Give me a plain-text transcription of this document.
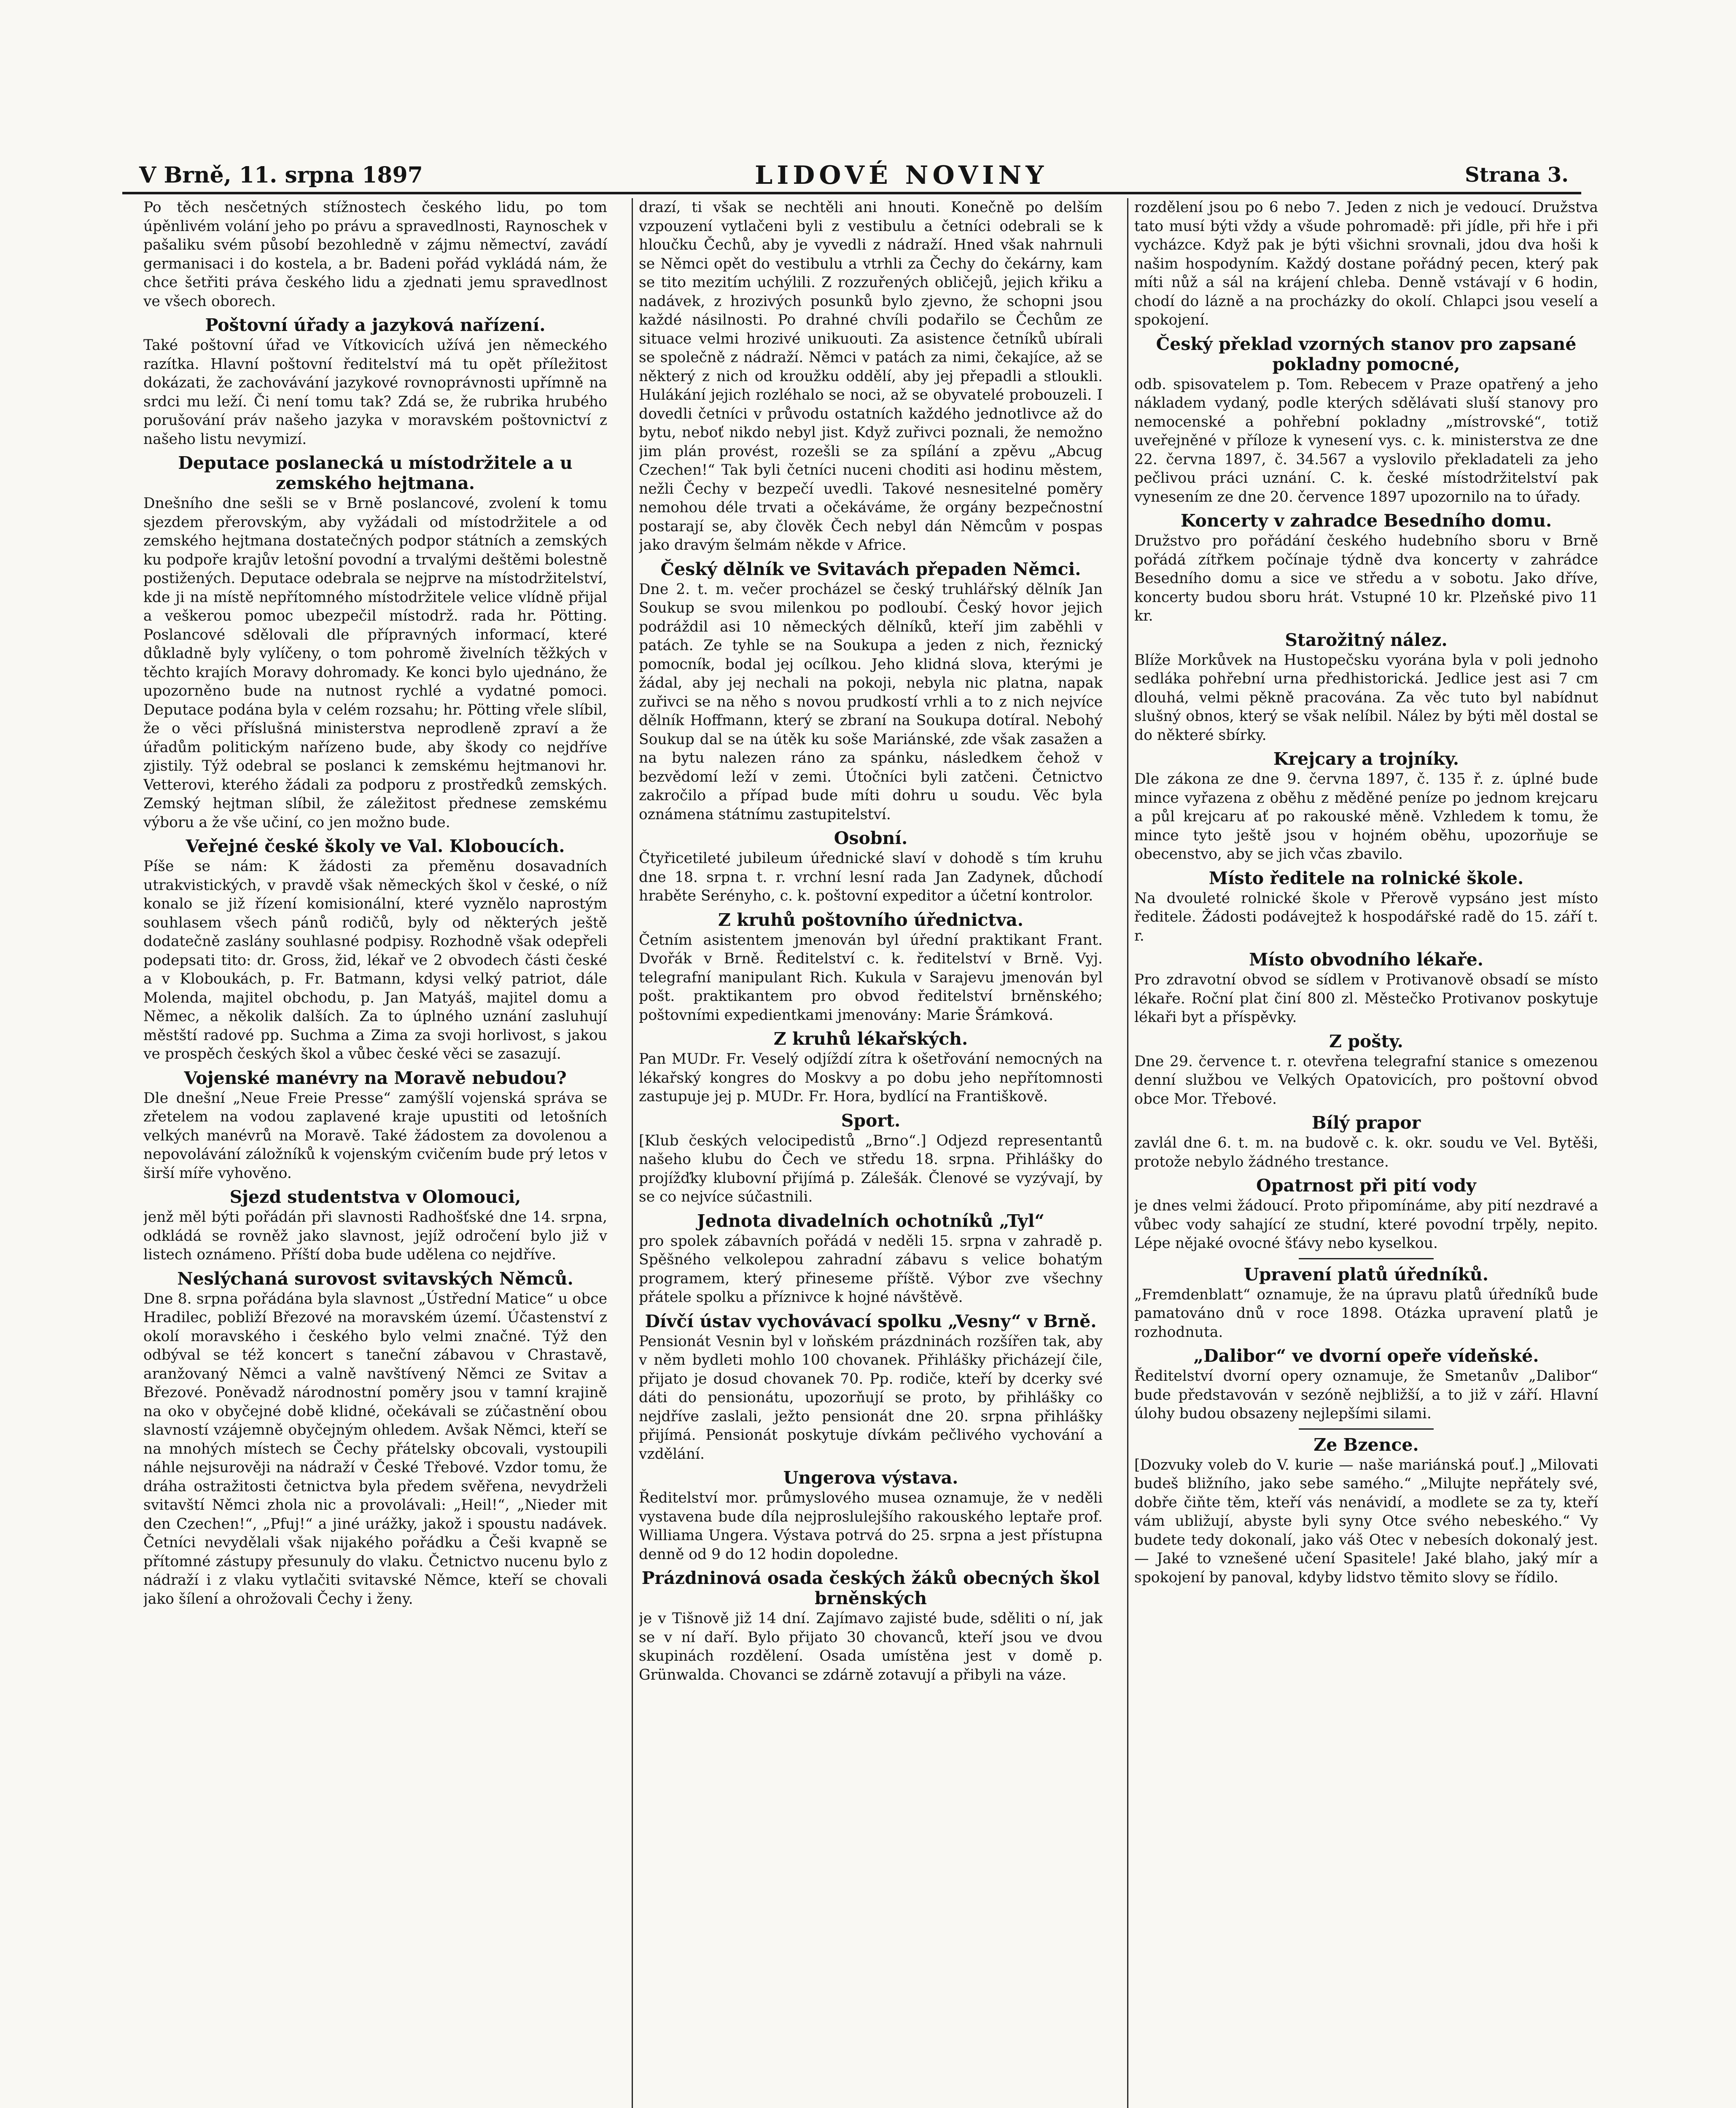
V Brně, 11. srpna 1897	LIDOVÉ NOVINY	Strana 3.

Po těch nesčetných stížnostech českého lidu, po tom úpěnlivém volání jeho po právu a spravedlnosti, Raynoschek v pašaliku svém působí bezohledně v zájmu němectví, zavádí germanisaci i do kostela, a br. Badeni pořád vykládá nám, že chce šetřiti práva českého lidu a zjednati jemu spravedlnost ve všech oborech.

Poštovní úřady a jazyková nařízení.

Také poštovní úřad ve Vítkovicích užívá jen německého razítka. Hlavní poštovní ředitelství má tu opět příležitost dokázati, že zachovávání jazykové rovnoprávnosti upřímně na srdci mu leží. Či není tomu tak? Zdá se, že rubrika hrubého porušování práv našeho jazyka v moravském poštovnictví z našeho listu nevymizí.

Deputace poslanecká u místodržitele a u zemského hejtmana.

Dnešního dne sešli se v Brně poslancové, zvolení k tomu sjezdem přerovským, aby vyžádali od místodržitele a od zemského hejtmana dostatečných podpor státních a zemských ku podpoře krajův letošní povodní a trvalými deštěmi bolestně postižených. Deputace odebrala se nejprve na místodržitelství, kde ji na místě nepřítomného místodržitele velice vlídně přijal a veškerou pomoc ubezpečil místodrž. rada hr. Pötting. Poslancové sdělovali dle přípravných informací, které důkladně byly vylíčeny, o tom pohromě živelních těžkých v těchto krajích Moravy dohromady. Ke konci bylo ujednáno, že upozorněno bude na nutnost rychlé a vydatné pomoci. Deputace podána byla v celém rozsahu; hr. Pötting vřele slíbil, že o věci příslušná ministerstva neprodleně zpraví a že úřadům politickým nařízeno bude, aby škody co nejdříve zjistily. Týž odebral se poslanci k zemskému hejtmanovi hr. Vetterovi, kterého žádali za podporu z prostředků zemských. Zemský hejtman slíbil, že záležitost přednese zemskému výboru a že vše učiní, co jen možno bude.

Veřejné české školy ve Val. Kloboucích.

Píše se nám: K žádosti za přeměnu dosavadních utrakvistických, v pravdě však německých škol v české, o níž konalo se již řízení komisionální, které vyznělo naprostým souhlasem všech pánů rodičů, byly od některých ještě dodatečně zaslány souhlasné podpisy. Rozhodně však odepřeli podepsati tito: dr. Gross, žid, lékař ve 2 obvodech části české a v Kloboukách, p. Fr. Batmann, kdysi velký patriot, dále Molenda, majitel obchodu, p. Jan Matyáš, majitel domu a Němec, a několik dalších. Za to úplného uznání zasluhují městští radové pp. Suchma a Zima za svoji horlivost, s jakou ve prospěch českých škol a vůbec české věci se zasazují.

Vojenské manévry na Moravě nebudou?

Dle dnešní „Neue Freie Presse“ zamýšlí vojenská správa se zřetelem na vodou zaplavené kraje upustiti od letošních velkých manévrů na Moravě. Také žádostem za dovolenou a nepovolávání záložníků k vojenským cvičením bude prý letos v širší míře vyhověno.

Sjezd studentstva v Olomouci,

jenž měl býti pořádán při slavnosti Radhošťské dne 14. srpna, odkládá se rovněž jako slavnost, jejíž odročení bylo již v listech oznámeno. Příští doba bude udělena co nejdříve.

Neslýchaná surovost svitavských Němců.

Dne 8. srpna pořádána byla slavnost „Ústřední Matice“ u obce Hradilec, pobliží Březové na moravském území. Účastenství z okolí moravského i českého bylo velmi značné. Týž den odbýval se též koncert s taneční zábavou v Chrastavě, aranžovaný Němci a valně navštívený Němci ze Svitav a Březové. Poněvadž národnostní poměry jsou v tamní krajině na oko v obyčejné době klidné, očekávali se zúčastnění obou slavností vzájemně obyčejným ohledem. Avšak Němci, kteří se na mnohých místech se Čechy přátelsky obcovali, vystoupili náhle nejsurověji na nádraží v České Třebové. Vzdor tomu, že dráha ostražitosti četnictva byla předem svěřena, nevydrželi svitavští Němci zhola nic a provolávali: „Heil!“, „Nieder mit den Czechen!“, „Pfuj!“ a jiné urážky, jakož i spoustu nadávek. Četníci nevydělali však nijakého pořádku a Češi kvapně se přítomné zástupy přesunuly do vlaku. Četnictvo nucenu bylo z nádraží i z vlaku vytlačiti svitavské Němce, kteří se chovali jako šílení a ohrožovali Čechy i ženy.

drazí, ti však se nechtěli ani hnouti. Konečně po delším vzpouzení vytlačeni byli z vestibulu a četníci odebrali se k hloučku Čechů, aby je vyvedli z nádraží. Hned však nahrnuli se Němci opět do vestibulu a vtrhli za Čechy do čekárny, kam se tito mezitím uchýlili. Z rozzuřených obličejů, jejich křiku a nadávek, z hrozivých posunků bylo zjevno, že schopni jsou každé násilnosti. Po drahné chvíli podařilo se Čechům ze situace velmi hrozivé unikuouti. Za asistence četníků ubírali se společně z nádraží. Němci v patách za nimi, čekajíce, až se některý z nich od kroužku oddělí, aby jej přepadli a stloukli. Hulákání jejich rozléhalo se noci, až se obyvatelé probouzeli. I dovedli četníci v průvodu ostatních každého jednotlivce až do bytu, neboť nikdo nebyl jist. Když zuřivci poznali, že nemožno jim plán provést, rozešli se za spílání a zpěvu „Abcug Czechen!“ Tak byli četníci nuceni choditi asi hodinu městem, nežli Čechy v bezpečí uvedli. Takové nesnesitelné poměry nemohou déle trvati a očekáváme, že orgány bezpečnostní postarají se, aby člověk Čech nebyl dán Němcům v pospas jako dravým šelmám někde v Africe.

Český dělník ve Svitavách přepaden Němci.

Dne 2. t. m. večer procházel se český truhlářský dělník Jan Soukup se svou milenkou po podloubí. Český hovor jejich podráždil asi 10 německých dělníků, kteří jim zaběhli v patách. Ze tyhle se na Soukupa a jeden z nich, řeznický pomocník, bodal jej ocílkou. Jeho klidná slova, kterými je žádal, aby jej nechali na pokoji, nebyla nic platna, napak zuřivci se na něho s novou prudkostí vrhli a to z nich nejvíce dělník Hoffmann, který se zbraní na Soukupa dotíral. Nebohý Soukup dal se na útěk ku soše Mariánské, zde však zasažen a na bytu nalezen ráno za spánku, následkem čehož v bezvědomí leží v zemi. Útočníci byli zatčeni. Četnictvo zakročilo a případ bude míti dohru u soudu. Věc byla oznámena státnímu zastupitelství.

Osobní.

Čtyřicetileté jubileum úřednické slaví v dohodě s tím kruhu dne 18. srpna t. r. vrchní lesní rada Jan Zadynek, důchodí hraběte Serényho, c. k. poštovní expeditor a účetní kontrolor.

Z kruhů poštovního úřednictva.

Četním asistentem jmenován byl úřední praktikant Frant. Dvořák v Brně. Ředitelství c. k. ředitelství v Brně. Vyj. telegrafní manipulant Rich. Kukula v Sarajevu jmenován byl pošt. praktikantem pro obvod ředitelství brněnského; poštovními expedientkami jmenovány: Marie Šrámková.

Z kruhů lékařských.

Pan MUDr. Fr. Veselý odjíždí zítra k ošetřování nemocných na lékařský kongres do Moskvy a po dobu jeho nepřítomnosti zastupuje jej p. MUDr. Fr. Hora, bydlící na Františkově.

Sport.

[Klub českých velocipedistů „Brno“.] Odjezd representantů našeho klubu do Čech ve středu 18. srpna. Přihlášky do projížďky klubovní přijímá p. Zálešák. Členové se vyzývají, by se co nejvíce súčastnili.

Jednota divadelních ochotníků „Tyl“

pro spolek zábavních pořádá v neděli 15. srpna v zahradě p. Spěšného velkolepou zahradní zábavu s velice bohatým programem, který přineseme příště. Výbor zve všechny přátele spolku a příznivce k hojné návštěvě.

Dívčí ústav vychovávací spolku „Vesny“ v Brně.

Pensionát Vesnin byl v loňském prázdninách rozšířen tak, aby v něm bydleti mohlo 100 chovanek. Přihlášky přicházejí čile, přijato je dosud chovanek 70. Pp. rodiče, kteří by dcerky své dáti do pensionátu, upozorňují se proto, by přihlášky co nejdříve zaslali, ježto pensionát dne 20. srpna přihlášky přijímá. Pensionát poskytuje dívkám pečlivého vychování a vzdělání.

Ungerova výstava.

Ředitelství mor. průmyslového musea oznamuje, že v neděli vystavena bude díla nejproslulejšího rakouského leptaře prof. Williama Ungera. Výstava potrvá do 25. srpna a jest přístupna denně od 9 do 12 hodin dopoledne.

Prázdninová osada českých žáků obecných škol brněnských

je v Tišnově již 14 dní. Zajímavo zajisté bude, sděliti o ní, jak se v ní daří. Bylo přijato 30 chovanců, kteří jsou ve dvou skupinách rozdělení. Osada umístěna jest v domě p. Grünwalda. Chovanci se zdárně zotavují a přibyli na váze.

rozdělení jsou po 6 nebo 7. Jeden z nich je vedoucí. Družstva tato musí býti vždy a všude pohromadě: při jídle, při hře i při vycházce. Když pak je býti všichni srovnali, jdou dva hoši k našim hospodyním. Každý dostane pořádný pecen, který pak míti nůž a sál na krájení chleba. Denně vstávají v 6 hodin, chodí do lázně a na procházky do okolí. Chlapci jsou veselí a spokojení.

Český překlad vzorných stanov pro zapsané pokladny pomocné,

odb. spisovatelem p. Tom. Rebecem v Praze opatřený a jeho nákladem vydaný, podle kterých sdělávati sluší stanovy pro nemocenské a pohřební pokladny „místrovské“, totiž uveřejněné v příloze k vynesení vys. c. k. ministerstva ze dne 22. června 1897, č. 34.567 a vyslovilo překladateli za jeho pečlivou práci uznání. C. k. české místodržitelství pak vynesením ze dne 20. července 1897 upozornilo na to úřady.

Koncerty v zahradce Besedního domu.

Družstvo pro pořádání českého hudebního sboru v Brně pořádá zítřkem počínaje týdně dva koncerty v zahrádce Besedního domu a sice ve středu a v sobotu. Jako dříve, koncerty budou sboru hrát. Vstupné 10 kr. Plzeňské pivo 11 kr.

Starožitný nález.

Blíže Morkůvek na Hustopečsku vyorána byla v poli jednoho sedláka pohřební urna předhistorická. Jedlice jest asi 7 cm dlouhá, velmi pěkně pracována. Za věc tuto byl nabídnut slušný obnos, který se však nelíbil. Nález by býti měl dostal se do některé sbírky.

Krejcary a trojníky.

Dle zákona ze dne 9. června 1897, č. 135 ř. z. úplné bude mince vyřazena z oběhu z měděné peníze po jednom krejcaru a půl krejcaru ať po rakouské měně. Vzhledem k tomu, že mince tyto ještě jsou v hojném oběhu, upozorňuje se obecenstvo, aby se jich včas zbavilo.

Místo ředitele na rolnické škole.

Na dvouleté rolnické škole v Přerově vypsáno jest místo ředitele. Žádosti podávejtež k hospodářské radě do 15. září t. r.

Místo obvodního lékaře.

Pro zdravotní obvod se sídlem v Protivanově obsadí se místo lékaře. Roční plat činí 800 zl. Městečko Protivanov poskytuje lékaři byt a příspěvky.

Z pošty.

Dne 29. července t. r. otevřena telegrafní stanice s omezenou denní službou ve Velkých Opatovicích, pro poštovní obvod obce Mor. Třebové.

Bílý prapor

zavlál dne 6. t. m. na budově c. k. okr. soudu ve Vel. Bytěši, protože nebylo žádného trestance.

Opatrnost při pití vody

je dnes velmi žádoucí. Proto připomínáme, aby pití nezdravé a vůbec vody sahající ze studní, které povodní trpěly, nepito. Lépe nějaké ovocné šťávy nebo kyselkou.

Upravení platů úředníků.

„Fremdenblatt“ oznamuje, že na úpravu platů úředníků bude pamatováno dnů v roce 1898. Otázka upravení platů je rozhodnuta.

„Dalibor“ ve dvorní opeře vídeňské.

Ředitelství dvorní opery oznamuje, že Smetanův „Dalibor“ bude představován v sezóně nejbližší, a to již v září. Hlavní úlohy budou obsazeny nejlepšími silami.

Ze Bzence.

[Dozvuky voleb do V. kurie — naše mariánská pouť.] „Milovati budeš bližního, jako sebe samého.“ „Milujte nepřátely své, dobře čiňte těm, kteří vás nenávidí, a modlete se za ty, kteří vám ubližují, abyste byli syny Otce svého nebeského.“ Vy budete tedy dokonalí, jako váš Otec v nebesích dokonalý jest. — Jaké to vznešené učení Spasitele! Jaké blaho, jaký mír a spokojení by panoval, kdyby lidstvo těmito slovy se řídilo.
